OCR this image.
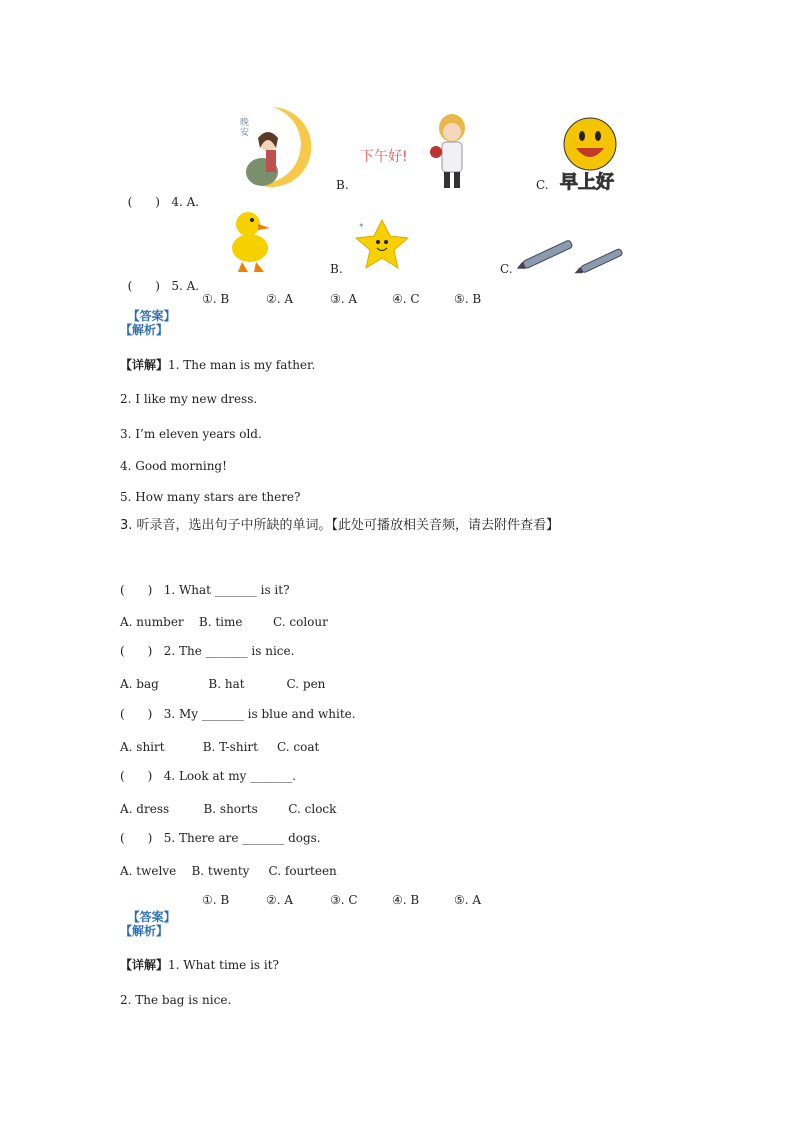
(      ) 4. A.

B.	C.
晚安
下午好!
早上好

(      ) 5. A.

B.	C.
✦

【答案】

①. B	②. A	③. A	④. C	⑤. B
【解析】
【详解】1. The man is my father.
2. I like my new dress.
3. I’m eleven years old.
4. Good morning!
5. How many stars are there?
3. 听录音，选出句子中所缺的单词。【此处可播放相关音频，请去附件查看】
(      )   1. What _______ is it?
A. number    B. time        C. colour
(      )   2. The _______ is nice.
A. bag             B. hat           C. pen
(      )   3. My _______ is blue and white.
A. shirt          B. T-shirt     C. coat
(      )   4. Look at my _______.
A. dress         B. shorts        C. clock
(      )   5. There are _______ dogs.
A. twelve    B. twenty     C. fourteen

【答案】

①. B	②. A	③. C	④. B	⑤. A
【解析】
【详解】1. What time is it?
2. The bag is nice.
